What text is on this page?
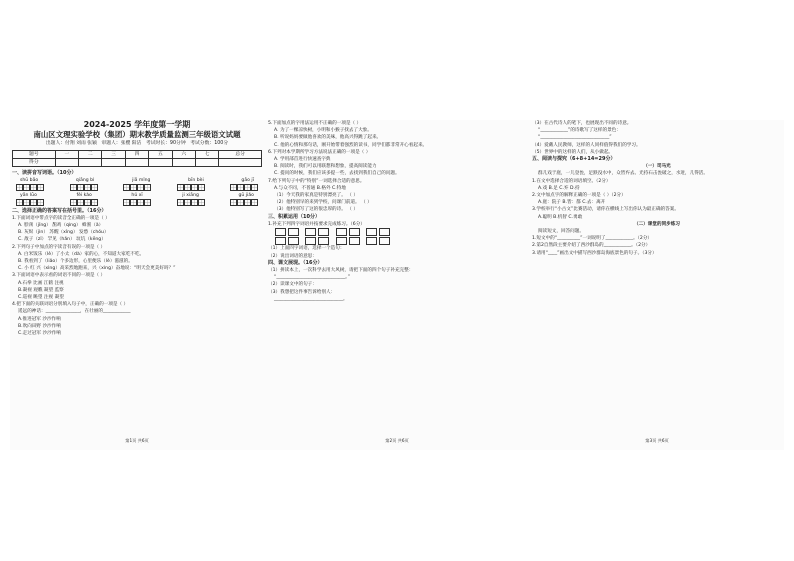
2024-2025 学年度第一学期
南山区文理实验学校（集团）期末教学质量监测三年级语文试题
出题人：付翔 刘雨 张颖 审题人：张樱 阳洁 考试时长：90分钟 考试分数：100分
题号	一	二	三	四	五	六	七	总分
得分								
一、读拼音写词语。（10分）
shū bāo	qiāng bì	jiā mǐng	bīn bèi	gāo jī
yān lǜo	fèi kào	hǔ xī	ji xiāng	gū jiǎo
二、选择正确的答案写在括号里。（16分）
1.下面词语中带点字的读音全正确的一项是（ ）
A. 脖颈（jǐng） 鹊鸡（qìng） 蜂蜜（ǎ）
B. 灰烬（jìn） 苏醒（xǐng） 发愁（chóu）
C. 敌子（zǐ） 罕见（hǎn） 坟坑（kēng）
2.下列句子中加点的字读音有误的一项是（ ）
A. 白米饭乐（lè）了小太（dà）家的心，不知道大家吃不吃。
B. 我看到了（liǎo）个多边形，心里便乐（lè）滋滋的。
C. 小 红 兴（xìng）高采烈地跑来，兴（xìng）奋地说：“明天会更美好吗？”
3.下面词语中表示看的词语不同的一项是（ ）
A.石拳 比画 江鹤 注视
B.凝视 观瞧 凝望 监察
C.巡视 眺望 注视 凝望
4.把下面的关联词语分别填入句子中，正确的一项是（ ）
遥远的神话：_______________，在壮丽的____________
A.推进冠军 沙沙作响
B.吹向田野 沙沙作响
C.走过冠军 沙沙作响
第1页 共6页
5.下面加点的字用法运用不正确的一项是（ ）
A. 为了一棵凉快树，小明和小猴子找去了大象。
B. 听说妈妈要做他喜欢的美味，他高兴得跳了起来。
C. 他的心情和那句话，刚开始带着强烈的读书，同学们都非常开心看起来。
6.下列对本学期所学习方法说法正确的一项是（ ）
A. 学用部首进行快速查字典
B. 阅读时，我们可以用联想和想象，提高阅读能力
C. 提问的时候，我们应该多提一些，去找到我们自己的问题。
7.给下列句子中的“特别”一词选择合适的意思。
A.与众不同，不普通 B.格外 C.特地
（1）今天我的家真是特别漂亮了。 （ ）
（2）他特别早的来到学校，问课门前道。 （ ）
（3）他特别写了这的很忠厚的诗。 （ ）
三、积累运用（10分）
1.补充下列四字词语并按要求完成练习。（6分）

（1）上面四字词语，选择一个造句：
（2）说出词语的意思：
四、课文展现。（16分）
（1）拼读本上，一次科学去用大风树，请把下面的四个句子补充完整：
“______________________________。”
（2）读课文中的句子：
（3）我想把这件事告诉给别人：
______________________________。
第2页 共6页
（3）在古代诗人的笔下，也展现出不同的诗意。
“____________”的诗歌写了这样的景色：
“______________________________”
（4）爱戴人民教师，这样的人同样值得我们的学习。
（5）世界中的这样的人们，从小做起。
五、阅读与探究（6+8+14=29分）
（一）司马光
群儿戏于庭，一儿登瓮，足跌没水中，众皆弃去。光持石击瓮破之，水迸，儿得活。
1.在文中选择合适的词语填空。（2分）
A.戏 B.足 C.弃 D.持
2.文中加点字的解释正确的一项是（ ）（2分）
A.庭：院子 B.皆：都 C.去：离开
3.学校举行“小古文”比赛活动，请你在横线上写出你认为最正确的答案。
A.聪明 B.机智 C.勇敢
（二）课堂的同步练习
阅读短文，回答问题。
1.短文中的“__________”一词说明了____________。（2分）
2.第2自然段主要介绍了西沙群岛的____________。（2分）
3.请用“____”画出文中描写西沙群岛海底景色的句子。（3分）
第3页 共6页
